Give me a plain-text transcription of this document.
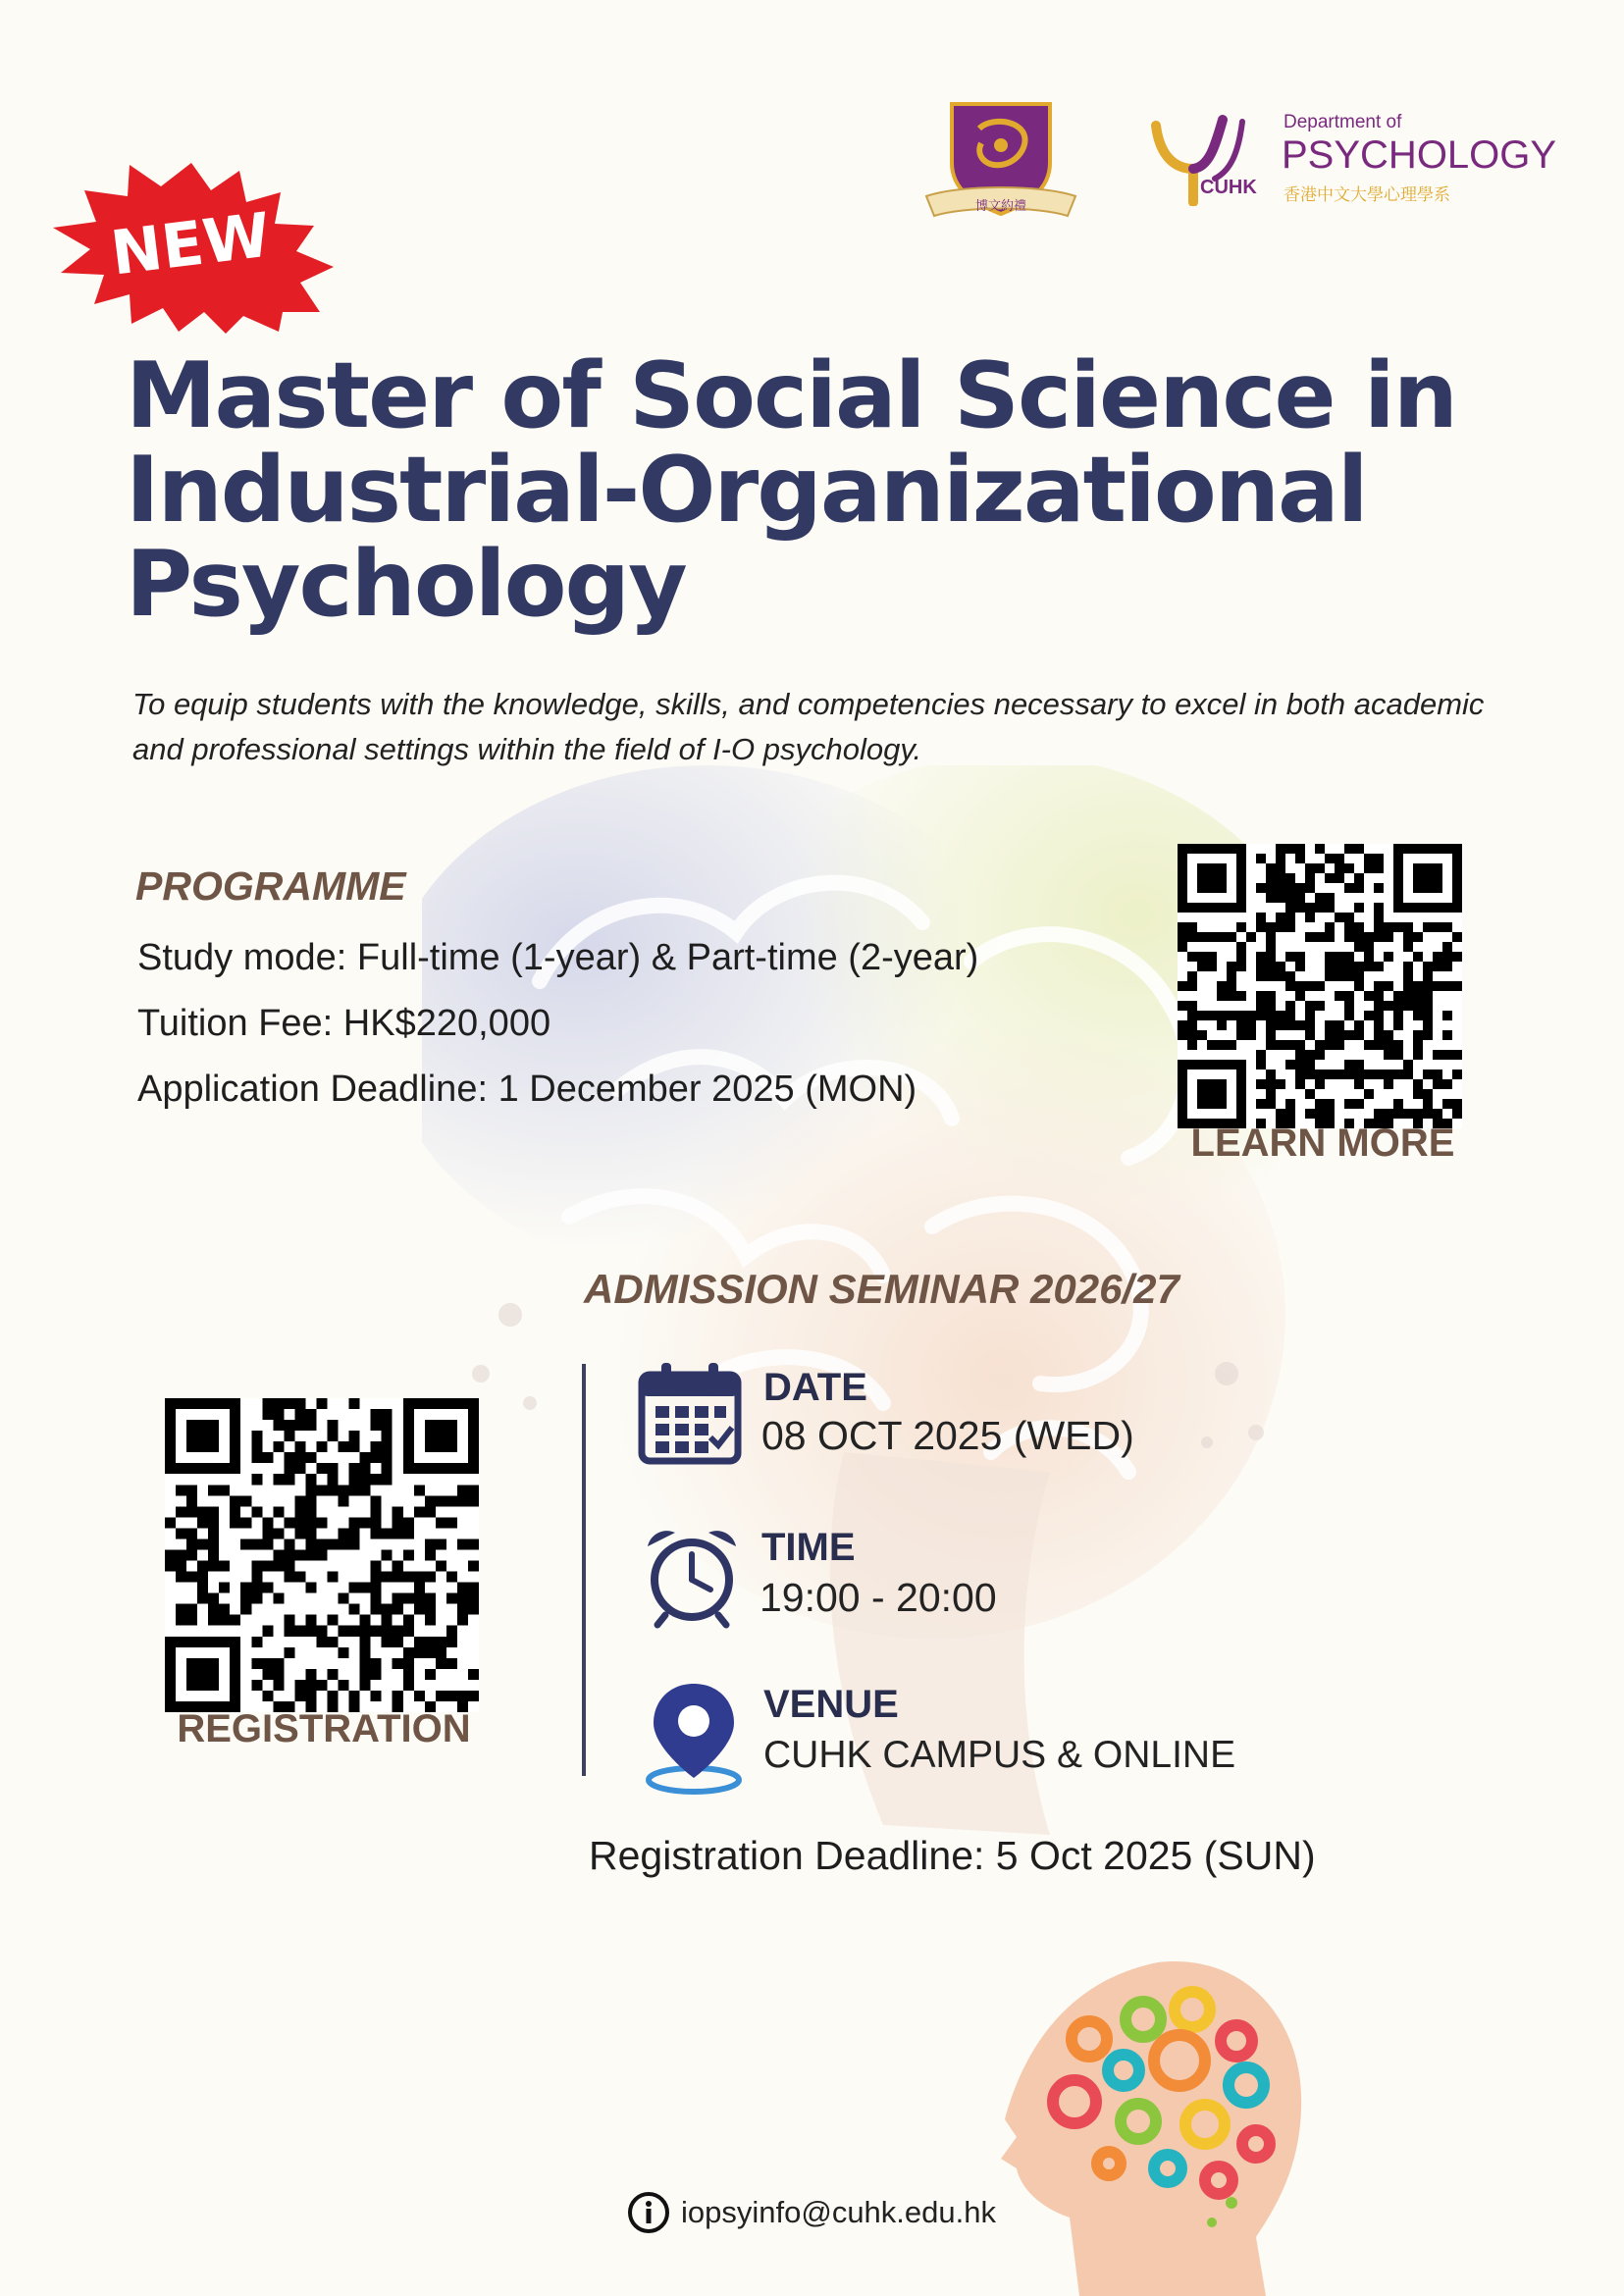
NEW	博文約禮
CUHK
Department of
PSYCHOLOGY
香港中文大學心理學系
Master of Social Science in
Industrial-Organizational
Psychology
To equip students with the knowledge, skills, and competencies necessary to excel in both academic and professional settings within the field of I-O psychology.
PROGRAMME
Study mode: Full-time (1-year) & Part-time (2-year)
Tuition Fee: HK$220,000
Application Deadline: 1 December 2025 (MON)
LEARN MORE
ADMISSION SEMINAR 2026/27
REGISTRATION
DATE
08 OCT 2025 (WED)
TIME
19:00 - 20:00
VENUE
CUHK CAMPUS & ONLINE
Registration Deadline: 5 Oct 2025 (SUN)
iopsyinfo@cuhk.edu.hk
